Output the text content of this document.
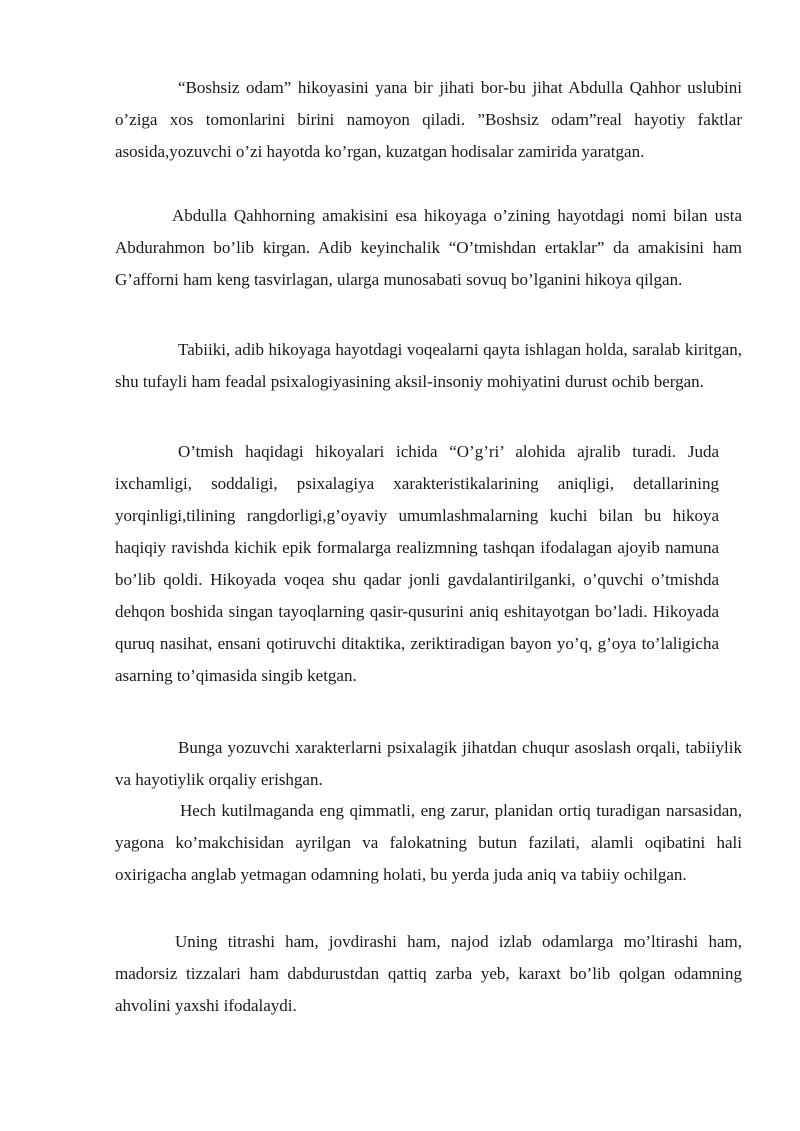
“Boshsiz odam” hikoyasini yana bir jihati bor-bu jihat Abdulla Qahhor uslubini o’ziga xos tomonlarini birini namoyon qiladi. ”Boshsiz odam”real hayotiy faktlar asosida,yozuvchi o’zi hayotda ko’rgan, kuzatgan hodisalar zamirida yaratgan.

Abdulla Qahhorning amakisini esa hikoyaga o’zining hayotdagi nomi bilan usta Abdurahmon bo’lib kirgan. Adib keyinchalik “O’tmishdan ertaklar” da amakisini ham G’afforni ham keng tasvirlagan, ularga munosabati sovuq bo’lganini hikoya qilgan.

Tabiiki, adib hikoyaga hayotdagi voqealarni qayta ishlagan holda, saralab kiritgan, shu tufayli ham feadal psixalogiyasining aksil-insoniy mohiyatini durust ochib bergan.

O’tmish haqidagi hikoyalari ichida “O’g’ri’ alohida ajralib turadi. Juda ixchamligi, soddaligi, psixalagiya xarakteristikalarining aniqligi, detallarining yorqinligi,tilining rangdorligi,g’oyaviy umumlashmalarning kuchi bilan bu hikoya haqiqiy ravishda kichik epik formalarga realizmning tashqan ifodalagan ajoyib namuna bo’lib qoldi. Hikoyada voqea shu qadar jonli gavdalantirilganki, o’quvchi o’tmishda dehqon boshida singan tayoqlarning qasir-qusurini aniq eshitayotgan bo’ladi. Hikoyada quruq nasihat, ensani qotiruvchi ditaktika, zeriktiradigan bayon yo’q, g’oya to’laligicha asarning to’qimasida singib ketgan.

Bunga yozuvchi xarakterlarni psixalagik jihatdan chuqur asoslash orqali, tabiiylik va hayotiylik orqaliy erishgan.

Hech kutilmaganda eng qimmatli, eng zarur, planidan ortiq turadigan narsasidan, yagona ko’makchisidan ayrilgan va falokatning butun fazilati, alamli oqibatini hali oxirigacha anglab yetmagan odamning holati, bu yerda juda aniq va tabiiy ochilgan.

Uning titrashi ham, jovdirashi ham, najod izlab odamlarga mo’ltirashi ham, madorsiz tizzalari ham dabdurustdan qattiq zarba yeb, karaxt bo’lib qolgan odamning ahvolini yaxshi ifodalaydi.
